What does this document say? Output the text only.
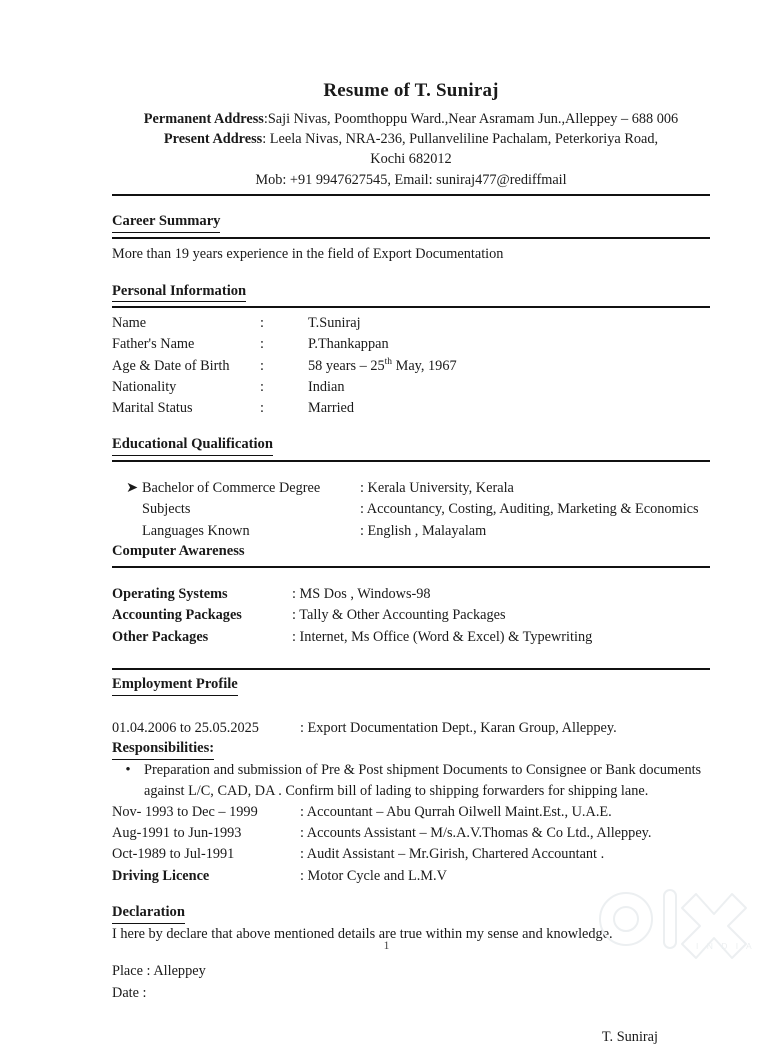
Resume of T. Suniraj

Permanent Address:Saji Nivas, Poomthoppu Ward.,Near Asramam Jun.,Alleppey – 688 006

Present Address: Leela Nivas, NRA-236, Pullanveliline Pachalam, Peterkoriya Road,

Kochi 682012

Mob: +91 9947627545, Email: suniraj477@rediffmail

Career Summary

More than 19 years experience in the field of Export Documentation

Personal Information
Name	:	T.Suniraj
Father's Name	:	P.Thankappan
Age & Date of Birth	:	58 years – 25th May, 1967
Nationality	:	Indian
Marital Status	:	Married
Educational Qualification
➤ Bachelor of Commerce Degree	: Kerala University, Kerala
Subjects	: Accountancy, Costing, Auditing, Marketing & Economics
Languages Known	: English , Malayalam
Computer Awareness
Operating Systems	: MS Dos , Windows-98
Accounting Packages	: Tally & Other Accounting Packages
Other Packages	: Internet, Ms Office (Word & Excel) & Typewriting
Employment Profile
01.04.2006 to 25.05.2025	: Export Documentation Dept., Karan Group, Alleppey.
Responsibilities:
• Preparation and submission of Pre & Post shipment Documents to Consignee or Bank documents against L/C, CAD, DA . Confirm bill of lading to shipping forwarders for shipping lane.
Nov- 1993 to Dec – 1999	: Accountant – Abu Qurrah Oilwell Maint.Est., U.A.E.
Aug-1991 to Jun-1993	: Accounts Assistant – M/s.A.V.Thomas & Co Ltd., Alleppey.
Oct-1989 to Jul-1991	: Audit Assistant – Mr.Girish, Chartered Accountant .
Driving Licence	: Motor Cycle and L.M.V
Declaration

I here by declare that above mentioned details are true within my sense and knowledge.

Place : Alleppey

Date :

T. Suniraj

I N D I A
1
